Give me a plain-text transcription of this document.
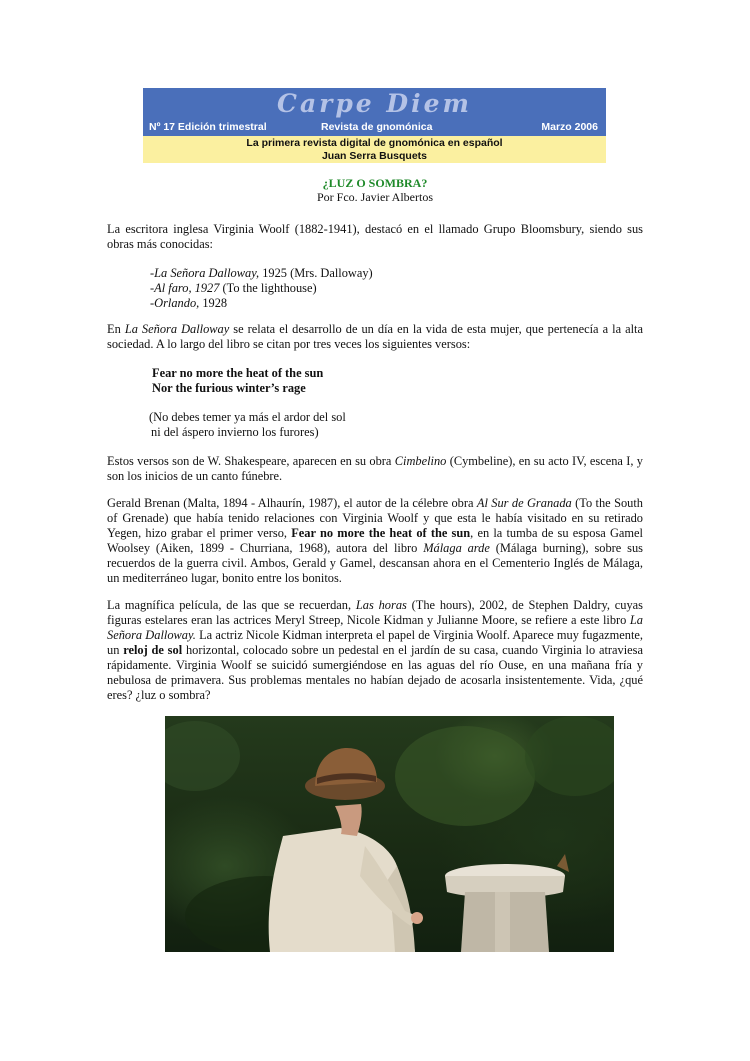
Carpe Diem
Nº 17 Edición trimestral	Revista de gnomónica	Marzo 2006
La primera revista digital de gnomónica en español
Juan Serra Busquets
¿LUZ O SOMBRA?
Por Fco. Javier Albertos

La escritora inglesa Virginia Woolf (1882-1941), destacó en el llamado Grupo Bloomsbury, siendo sus obras más conocidas:

-La Señora Dalloway, 1925 (Mrs. Dalloway)
-Al faro, 1927 (To the lighthouse)
-Orlando, 1928

En La Señora Dalloway se relata el desarrollo de un día en la vida de esta mujer, que pertenecía a la alta sociedad. A lo largo del libro se citan por tres veces los siguientes versos:

Fear no more the heat of the sun
Nor the furious winter’s rage
(No debes temer ya más el ardor del sol
ni del áspero invierno los furores)

Estos versos son de W. Shakespeare, aparecen en su obra Cimbelino (Cymbeline), en su acto IV, escena I, y son los inicios de un canto fúnebre.

Gerald Brenan (Malta, 1894 - Alhaurín, 1987), el autor de la célebre obra Al Sur de Granada (To the South of Grenade) que había tenido relaciones con Virginia Woolf y que esta le había visitado en su retirado Yegen, hizo grabar el primer verso, Fear no more the heat of the sun, en la tumba de su esposa Gamel Woolsey (Aiken, 1899 - Churriana, 1968), autora del libro Málaga arde (Málaga burning), sobre sus recuerdos de la guerra civil. Ambos, Gerald y Gamel, descansan ahora en el Cementerio Inglés de Málaga, un mediterráneo lugar, bonito entre los bonitos.

La magnífica película, de las que se recuerdan, Las horas (The hours), 2002, de Stephen Daldry, cuyas figuras estelares eran las actrices Meryl Streep, Nicole Kidman y Julianne Moore, se refiere a este libro La Señora Dalloway. La actriz Nicole Kidman interpreta el papel de Virginia Woolf. Aparece muy fugazmente, un reloj de sol horizontal, colocado sobre un pedestal en el jardín de su casa, cuando Virginia lo atraviesa rápidamente. Virginia Woolf se suicidó sumergiéndose en las aguas del río Ouse, en una mañana fría y nebulosa de primavera. Sus problemas mentales no habían dejado de acosarla insistentemente. Vida, ¿qué eres? ¿luz o sombra?
